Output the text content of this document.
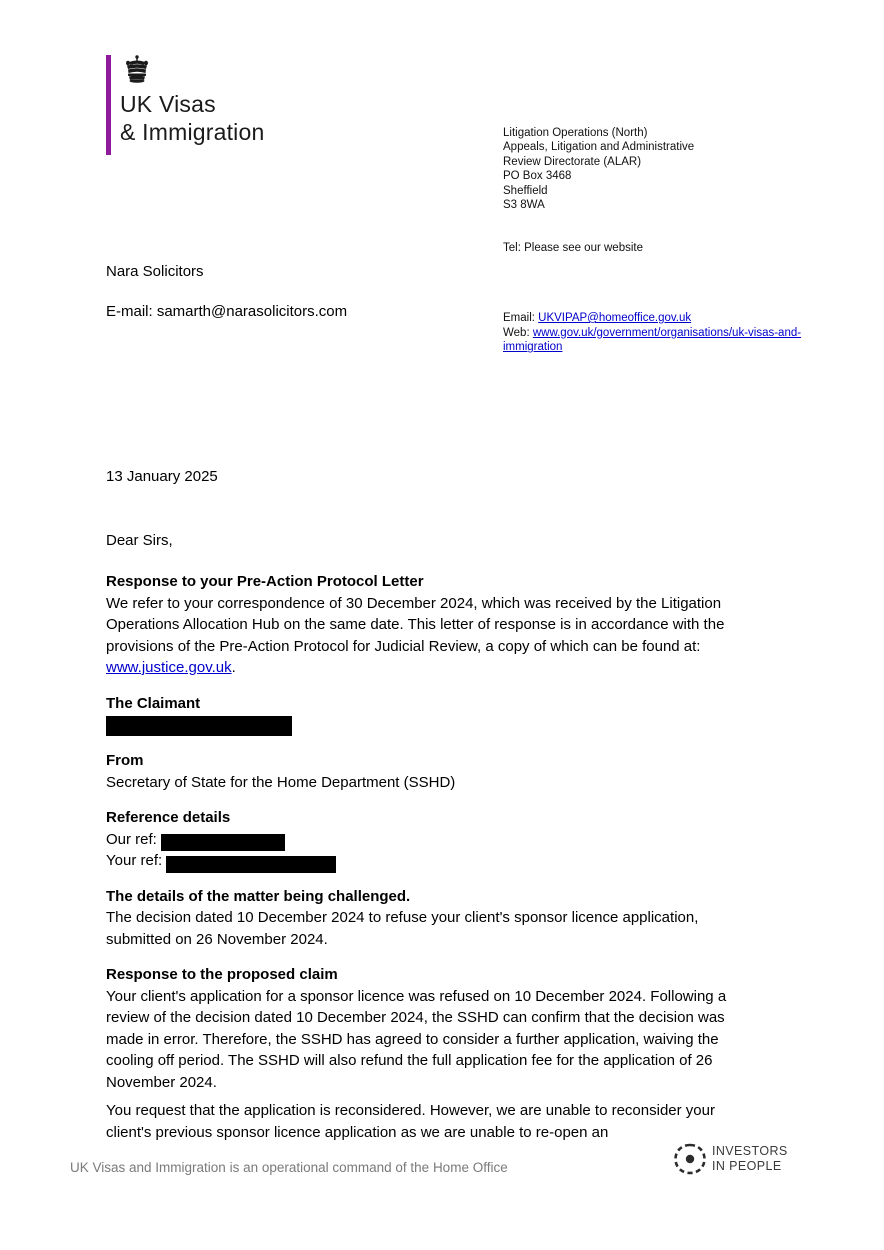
UK Visas
& Immigration	Litigation Operations (North)
Appeals, Litigation and Administrative
Review Directorate (ALAR)
PO Box 3468
Sheffield
S3 8WA
Tel: Please see our website
Email: UKVIPAP@homeoffice.gov.uk
Web: www.gov.uk/government/organisations/uk-visas-and-immigration
Nara Solicitors
E-mail: samarth@narasolicitors.com
13 January 2025
Dear Sirs,
Response to your Pre-Action Protocol Letter

We refer to your correspondence of 30 December 2024, which was received by the Litigation Operations Allocation Hub on the same date. This letter of response is in accordance with the provisions of the Pre-Action Protocol for Judicial Review, a copy of which can be found at: www.justice.gov.uk.

The Claimant
From

Secretary of State for the Home Department (SSHD)

Reference details

Our ref:

Your ref:

The details of the matter being challenged.

The decision dated 10 December 2024 to refuse your client's sponsor licence application, submitted on 26 November 2024.

Response to the proposed claim

Your client's application for a sponsor licence was refused on 10 December 2024. Following a review of the decision dated 10 December 2024, the SSHD can confirm that the decision was made in error. Therefore, the SSHD has agreed to consider a further application, waiving the cooling off period. The SSHD will also refund the full application fee for the application of 26 November 2024.

You request that the application is reconsidered. However, we are unable to reconsider your client's previous sponsor licence application as we are unable to re-open an

UK Visas and Immigration is an operational command of the Home Office
INVESTORS
IN PEOPLE
